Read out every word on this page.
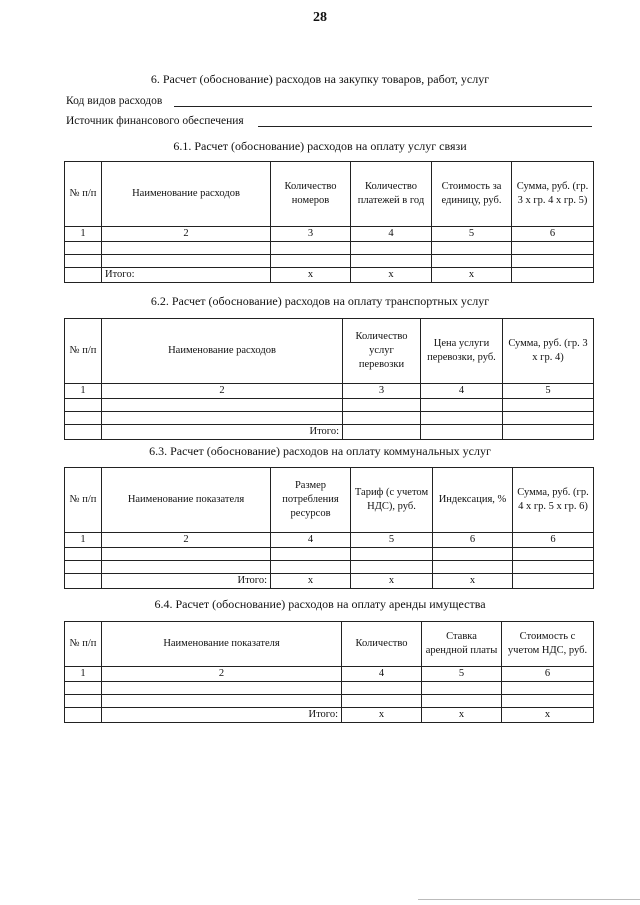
28
6. Расчет (обоснование) расходов на закупку товаров, работ, услуг
Код видов расходов
Источник финансового обеспечения
6.1. Расчет (обоснование) расходов на оплату услуг связи
№ п/п	Наименование расходов	Количество номеров	Количество платежей в год	Стоимость за единицу, руб.	Сумма, руб. (гр. 3 х гр. 4 х гр. 5)
1	2	3	4	5	6

	Итого:	x	x	x	
6.2. Расчет (обоснование) расходов на оплату транспортных услуг
№ п/п	Наименование расходов	Количество услуг перевозки	Цена услуги перевозки, руб.	Сумма, руб. (гр. 3 х гр. 4)
1	2	3	4	5

	Итого:			
6.3. Расчет (обоснование) расходов на оплату коммунальных услуг
№ п/п	Наименование показателя	Размер потребления ресурсов	Тариф (с учетом НДС), руб.	Индексация, %	Сумма, руб. (гр. 4 х гр. 5 х гр. 6)
1	2	4	5	6	6

	Итого:	x	x	x	
6.4. Расчет (обоснование) расходов на оплату аренды имущества
№ п/п	Наименование показателя	Количество	Ставка арендной платы	Стоимость с учетом НДС, руб.
1	2	4	5	6

	Итого:	x	x	x
